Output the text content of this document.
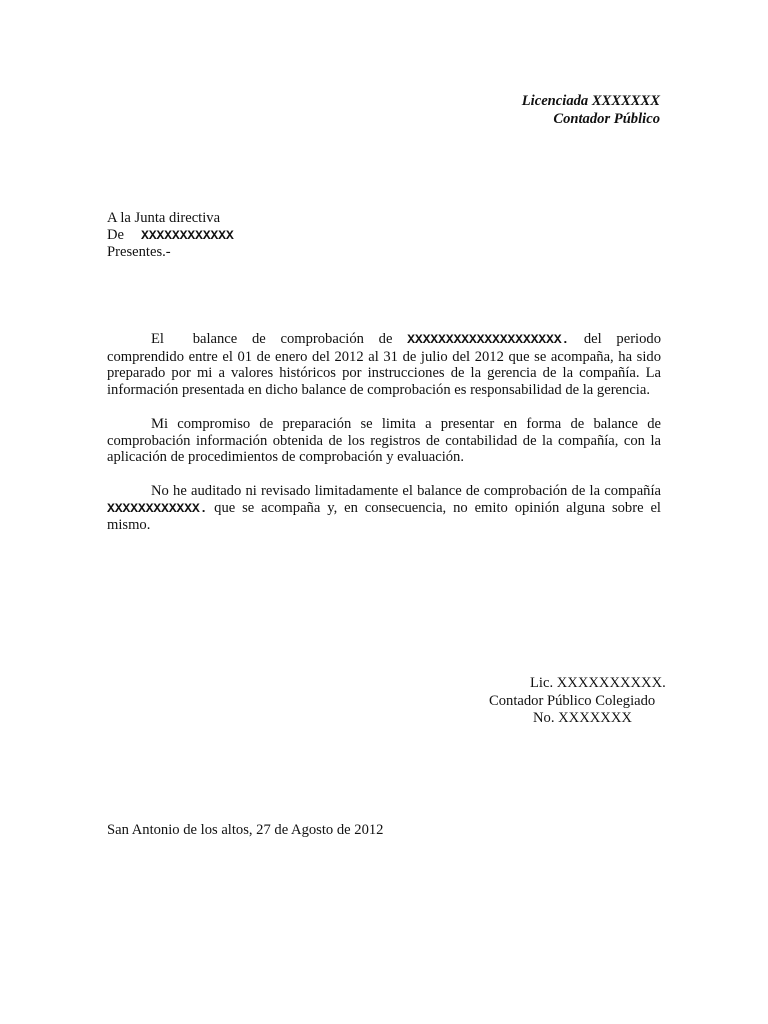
Licenciada XXXXXXX
Contador Público
A la Junta directiva
De XXXXXXXXXXXX
Presentes.-

El balance de comprobación de XXXXXXXXXXXXXXXXXXXX. del periodo comprendido entre el 01 de enero del 2012 al 31 de julio del 2012 que se acompaña, ha sido preparado por mi a valores históricos por instrucciones de la gerencia de la compañía. La información presentada en dicho balance de comprobación es responsabilidad de la gerencia.

Mi compromiso de preparación se limita a presentar en forma de balance de comprobación información obtenida de los registros de contabilidad de la compañía, con la aplicación de procedimientos de comprobación y evaluación.

No he auditado ni revisado limitadamente el balance de comprobación de la compañía XXXXXXXXXXXX. que se acompaña y, en consecuencia, no emito opinión alguna sobre el mismo.

Lic. XXXXXXXXXX.
Contador Público Colegiado
No. XXXXXXX
San Antonio de los altos, 27 de Agosto de 2012
